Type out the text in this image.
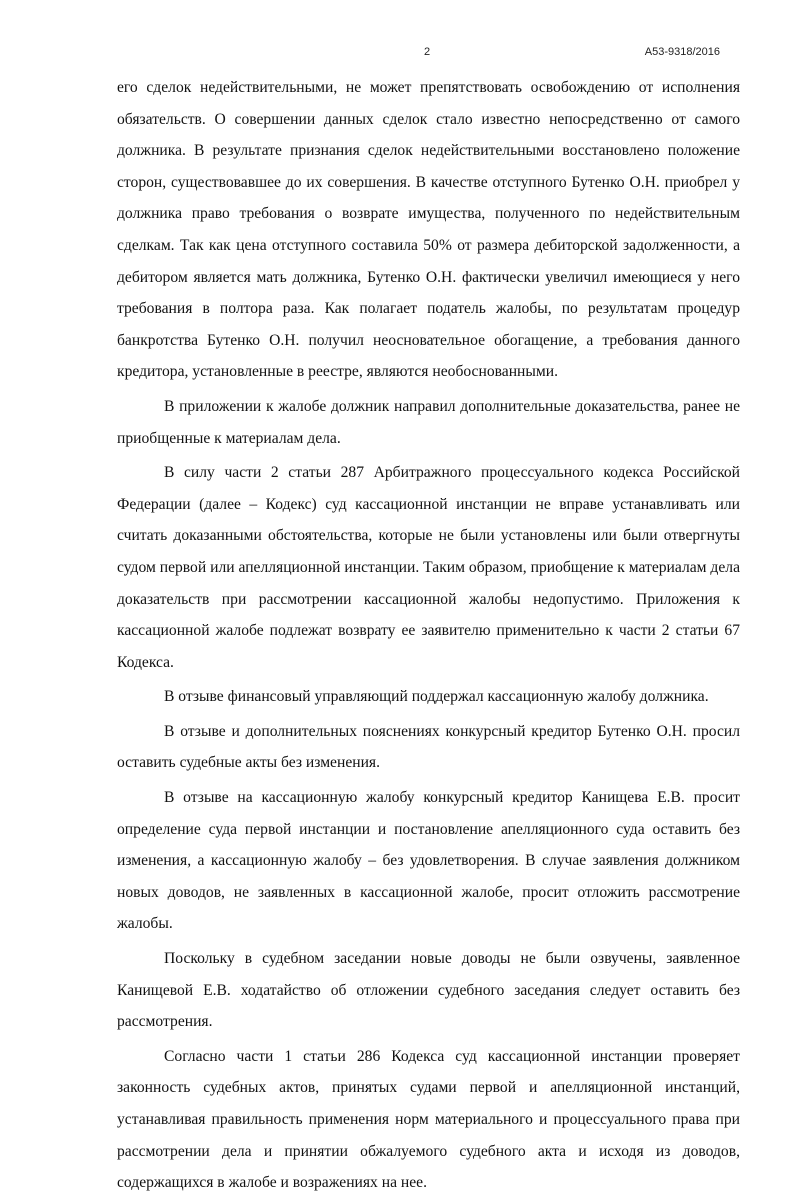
2	А53-9318/2016

его сделок недействительными, не может препятствовать освобождению от исполнения обязательств. О совершении данных сделок стало известно непосредственно от самого должника. В результате признания сделок недействительными восстановлено положение сторон, существовавшее до их совершения. В качестве отступного Бутенко О.Н. приобрел у должника право требования о возврате имущества, полученного по недействительным сделкам. Так как цена отступного составила 50% от размера дебиторской задолженности, а дебитором является мать должника, Бутенко О.Н. фактически увеличил имеющиеся у него требования в полтора раза. Как полагает податель жалобы, по результатам процедур банкротства Бутенко О.Н. получил неосновательное обогащение, а требования данного кредитора, установленные в реестре, являются необоснованными.

В приложении к жалобе должник направил дополнительные доказательства, ранее не приобщенные к материалам дела.

В силу части 2 статьи 287 Арбитражного процессуального кодекса Российской Федерации (далее – Кодекс) суд кассационной инстанции не вправе устанавливать или считать доказанными обстоятельства, которые не были установлены или были отвергнуты судом первой или апелляционной инстанции. Таким образом, приобщение к материалам дела доказательств при рассмотрении кассационной жалобы недопустимо. Приложения к кассационной жалобе подлежат возврату ее заявителю применительно к части 2 статьи 67 Кодекса.

В отзыве финансовый управляющий поддержал кассационную жалобу должника.

В отзыве и дополнительных пояснениях конкурсный кредитор Бутенко О.Н. просил оставить судебные акты без изменения.

В отзыве на кассационную жалобу конкурсный кредитор Канищева Е.В. просит определение суда первой инстанции и постановление апелляционного суда оставить без изменения, а кассационную жалобу – без удовлетворения. В случае заявления должником новых доводов, не заявленных в кассационной жалобе, просит отложить рассмотрение жалобы.

Поскольку в судебном заседании новые доводы не были озвучены, заявленное Канищевой Е.В. ходатайство об отложении судебного заседания следует оставить без рассмотрения.

Согласно части 1 статьи 286 Кодекса суд кассационной инстанции проверяет законность судебных актов, принятых судами первой и апелляционной инстанций, устанавливая правильность применения норм материального и процессуального права при рассмотрении дела и принятии обжалуемого судебного акта и исходя из доводов, содержащихся в жалобе и возражениях на нее.
